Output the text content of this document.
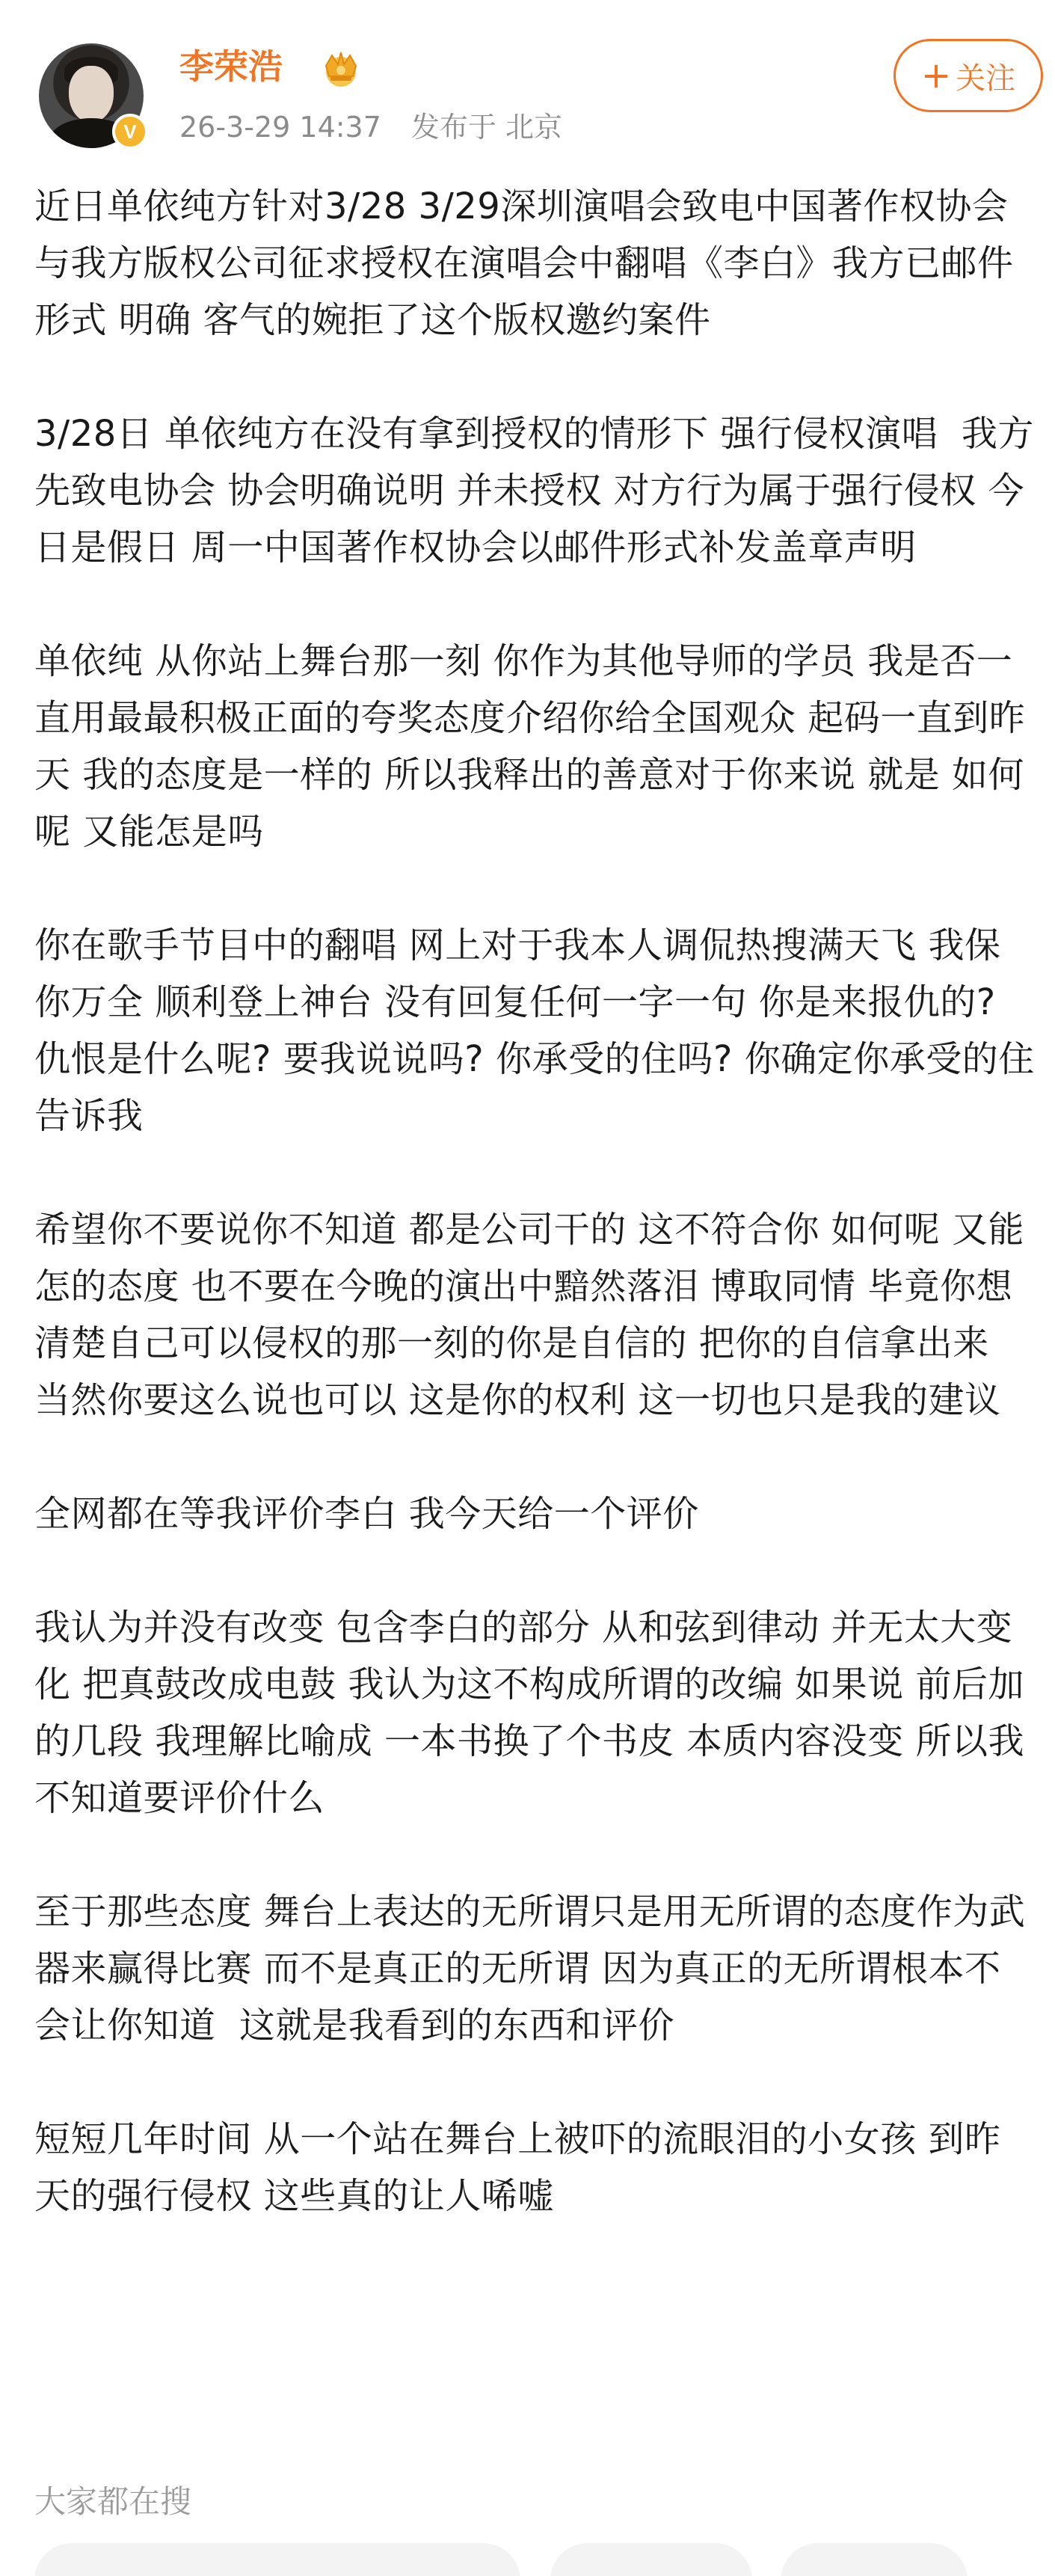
V
李荣浩
26-3-29 14:37 发布于 北京
+ 关注

近日单依纯方针对3/28 3/29深圳演唱会致电中国著作权协会与我方版权公司征求授权在演唱会中翻唱《李白》我方已邮件形式 明确 客气的婉拒了这个版权邀约案件

3/28日 单依纯方在没有拿到授权的情形下 强行侵权演唱  我方先致电协会 协会明确说明 并未授权 对方行为属于强行侵权 今日是假日 周一中国著作权协会以邮件形式补发盖章声明

单依纯 从你站上舞台那一刻 你作为其他导师的学员 我是否一直用最最积极正面的夸奖态度介绍你给全国观众 起码一直到昨天 我的态度是一样的 所以我释出的善意对于你来说 就是 如何呢 又能怎是吗

你在歌手节目中的翻唱 网上对于我本人调侃热搜满天飞 我保你万全 顺利登上神台 没有回复任何一字一句 你是来报仇的? 仇恨是什么呢? 要我说说吗? 你承受的住吗? 你确定你承受的住告诉我

希望你不要说你不知道 都是公司干的 这不符合你 如何呢 又能怎的态度 也不要在今晚的演出中黯然落泪 博取同情 毕竟你想清楚自己可以侵权的那一刻的你是自信的 把你的自信拿出来 当然你要这么说也可以 这是你的权利 这一切也只是我的建议

全网都在等我评价李白 我今天给一个评价

我认为并没有改变 包含李白的部分 从和弦到律动 并无太大变化 把真鼓改成电鼓 我认为这不构成所谓的改编 如果说 前后加的几段 我理解比喻成 一本书换了个书皮 本质内容没变 所以我不知道要评价什么

至于那些态度 舞台上表达的无所谓只是用无所谓的态度作为武器来赢得比赛 而不是真正的无所谓 因为真正的无所谓根本不会让你知道  这就是我看到的东西和评价

短短几年时间 从一个站在舞台上被吓的流眼泪的小女孩 到昨天的强行侵权 这些真的让人唏嘘

大家都在搜
